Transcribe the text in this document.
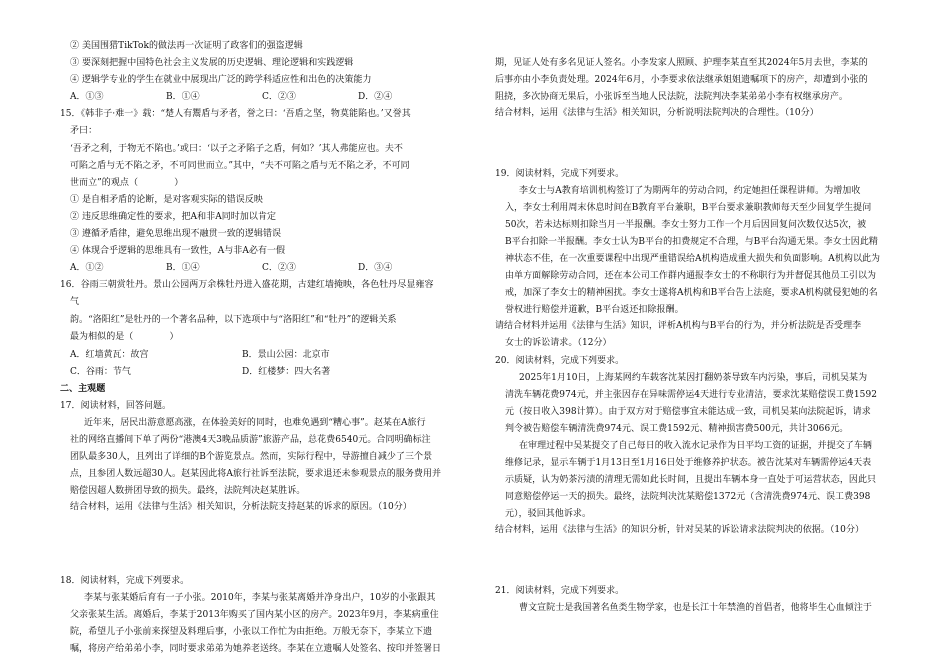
② 美国围猎TikTok的做法再一次证明了政客们的强盗逻辑
③ 要深刻把握中国特色社会主义发展的历史逻辑、理论逻辑和实践逻辑
④ 逻辑学专业的学生在就业中展现出广泛的跨学科适应性和出色的决策能力
A．①③	B．①④	C．②③	D．②④
15．《韩非子·难一》载：“楚人有鬻盾与矛者，誉之曰：‘吾盾之坚，物莫能陷也。’又誉其
矛曰：
‘吾矛之利，于物无不陷也。’或曰：‘以子之矛陷子之盾，何如？’其人弗能应也。夫不
可陷之盾与无不陷之矛，不可同世而立。”其中，“夫不可陷之盾与无不陷之矛，不可同
世而立”的观点（　　　　）
① 是自相矛盾的论断，是对客观实际的错误反映
② 违反思维确定性的要求，把A和非A同时加以肯定
③ 遵循矛盾律，避免思维出现不融贯一致的逻辑错误
④ 体现合乎逻辑的思维具有一致性，A与非A必有一假
A．①②	B．①④	C．②③	D．③④
16．谷雨三朝赏牡丹。景山公园两万余株牡丹进入盛花期，古建红墙掩映，各色牡丹尽显雍容
气
韵。“洛阳红”是牡丹的一个著名品种，以下选项中与“洛阳红”和“牡丹”的逻辑关系
最为相似的是（　　　　）
A．红墙黄瓦：故宫	B．景山公园：北京市
C．谷雨：节气	D．红楼梦：四大名著
二、主观题
17．阅读材料，回答问题。
近年来，居民出游意愿高涨，在体验美好的同时，也难免遇到“糟心事”。赵某在A旅行
社的网络直播间下单了两份“港澳4天3晚品质游”旅游产品，总花费6540元。合同明确标注
团队最多30人，且列出了详细的B个游览景点。然而，实际行程中，导游擅自减少了三个景
点，且参团人数远超30人。赵某因此将A旅行社诉至法院，要求退还未参观景点的服务费用并
赔偿因超人数拼团导致的损失。最终，法院判决赵某胜诉。
结合材料，运用《法律与生活》相关知识，分析法院支持赵某的诉求的原因。（10分）
18．阅读材料，完成下列要求。
李某与张某婚后育有一子小张。2010年，李某与张某离婚并净身出户，10岁的小张跟其
父亲张某生活。离婚后，李某于2013年购买了国内某小区的房产。2023年9月，李某病重住
院，希望儿子小张前来探望及料理后事，小张以工作忙为由拒绝。万般无奈下，李某立下遗
嘱，将房产给弟弟小李，同时要求弟弟为她养老送终。李某在立遗嘱人处签名、按印并签署日
期，见证人处有多名见证人签名。小李发家人照顾、护理李某直至其2024年5月去世，李某的
后事亦由小李负责处理。2024年6月，小李要求依法继承姐姐遗嘱项下的房产，却遭到小张的
阻挠，多次协商无果后，小张诉至当地人民法院，法院判决李某弟弟小李有权继承房产。
结合材料，运用《法律与生活》相关知识，分析说明法院判决的合理性。（10分）
19．阅读材料，完成下列要求。
李女士与A教育培训机构签订了为期两年的劳动合同，约定她担任课程讲师。为增加收
入，李女士利用周末休息时间在B教育平台兼职，B平台要求兼职教师每天至少回复学生提问
50次，若未达标则扣除当月一半报酬。李女士努力工作一个月后因回复问次数仅达5次，被
B平台扣除一半报酬。李女士认为B平台的扣费规定不合理，与B平台沟通无果。李女士因此精
神状态不佳，在一次重要课程中出现严重错误给A机构造成重大损失和负面影响。A机构以此为
由单方面解除劳动合同，还在本公司工作群内通报李女士的不称职行为并督促其他员工引以为
戒，加深了李女士的精神困扰。李女士遂将A机构和B平台告上法庭，要求A机构就侵犯她的名
誉权进行赔偿并道歉，B平台返还扣除报酬。
请结合材料并运用《法律与生活》知识，评析A机构与B平台的行为，并分析法院是否受理李
女士的诉讼请求。（12分）
20．阅读材料，完成下列要求。
2025年1月10日，上海某网约车载客沈某因打翻奶茶导致车内污染，事后，司机吴某为
清洗车辆花费974元，并主张因存在异味需停运4天进行专业清洁，要求沈某赔偿误工费1592
元（按日收入398计算）。由于双方对于赔偿事宜未能达成一致，司机吴某向法院起诉，请求
判令被告赔偿车辆清洗费974元、误工费1592元、精神损害费500元，共计3066元。
在审理过程中吴某提交了自己每日的收入流水记录作为日平均工资的证据，并提交了车辆
维修记录，显示车辆于1月13日至1月16日处于维修养护状态。被告沈某对车辆需停运4天表
示质疑，认为奶茶污渍的清理无需如此长时间，且提出车辆本身一直处于可运营状态，因此只
同意赔偿停运一天的损失。最终，法院判决沈某赔偿1372元（含清洗费974元、误工费398
元），驳回其他诉求。
结合材料，运用《法律与生活》的知识分析，针对吴某的诉讼请求法院判决的依据。（10分）
21．阅读材料，完成下列要求。
曹文宣院士是我国著名鱼类生物学家，也是长江十年禁渔的首倡者，他将毕生心血倾注于
